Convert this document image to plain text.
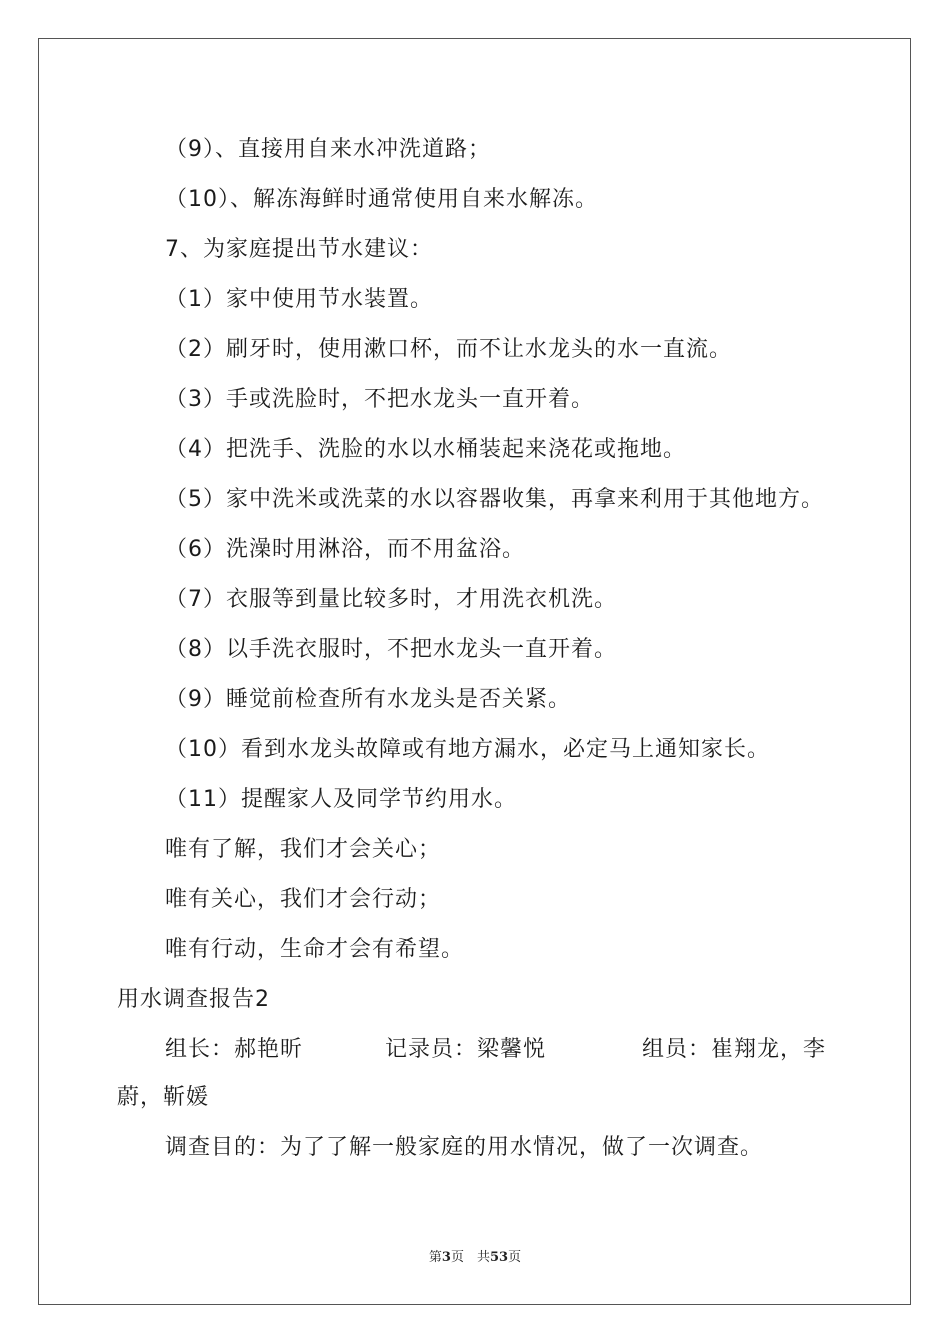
（9）、直接用自来水冲洗道路；
（10）、解冻海鲜时通常使用自来水解冻。
7、为家庭提出节水建议：
（1）家中使用节水装置。
（2）刷牙时，使用漱口杯，而不让水龙头的水一直流。
（3）手或洗脸时，不把水龙头一直开着。
（4）把洗手、洗脸的水以水桶装起来浇花或拖地。
（5）家中洗米或洗菜的水以容器收集，再拿来利用于其他地方。
（6）洗澡时用淋浴，而不用盆浴。
（7）衣服等到量比较多时，才用洗衣机洗。
（8）以手洗衣服时，不把水龙头一直开着。
（9）睡觉前检查所有水龙头是否关紧。
（10）看到水龙头故障或有地方漏水，必定马上通知家长。
（11）提醒家人及同学节约用水。
唯有了解，我们才会关心；
唯有关心，我们才会行动；
唯有行动，生命才会有希望。
用水调查报告2
组长：郝艳昕	记录员：梁馨悦	组员：崔翔龙，李
蔚，靳媛
调查目的：为了了解一般家庭的用水情况，做了一次调查。
第3页　共53页
